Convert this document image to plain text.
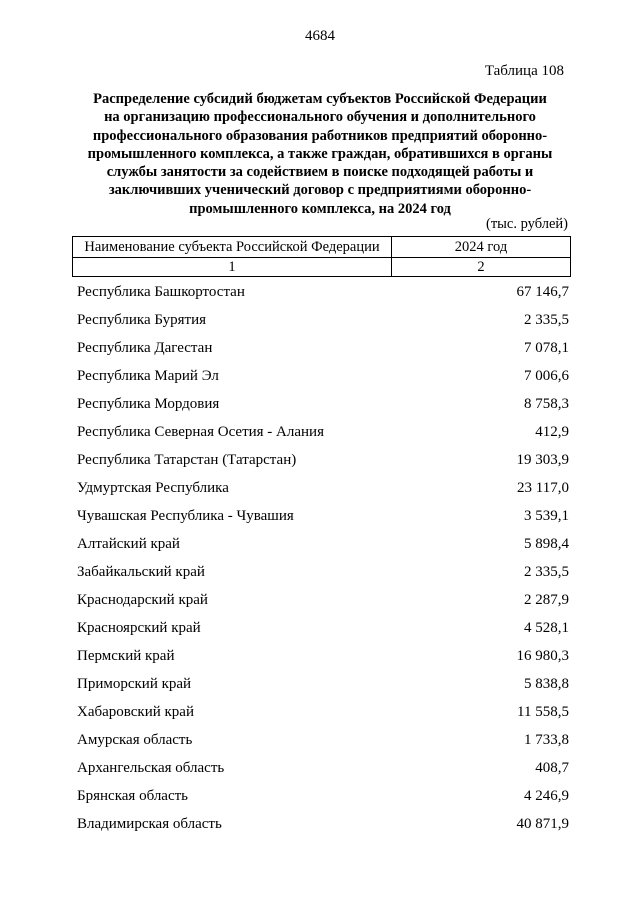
4684
Таблица 108
Распределение субсидий бюджетам субъектов Российской Федерации
на организацию профессионального обучения и дополнительного
профессионального образования работников предприятий оборонно-
промышленного комплекса, а также граждан, обратившихся в органы
службы занятости за содействием в поиске подходящей работы и
заключивших ученический договор с предприятиями оборонно-
промышленного комплекса, на 2024 год
(тыс. рублей)
Наименование субъекта Российской Федерации	2024 год
1	2
Республика Башкортостан	67 146,7
Республика Бурятия	2 335,5
Республика Дагестан	7 078,1
Республика Марий Эл	7 006,6
Республика Мордовия	8 758,3
Республика Северная Осетия - Алания	412,9
Республика Татарстан (Татарстан)	19 303,9
Удмуртская Республика	23 117,0
Чувашская Республика - Чувашия	3 539,1
Алтайский край	5 898,4
Забайкальский край	2 335,5
Краснодарский край	2 287,9
Красноярский край	4 528,1
Пермский край	16 980,3
Приморский край	5 838,8
Хабаровский край	11 558,5
Амурская область	1 733,8
Архангельская область	408,7
Брянская область	4 246,9
Владимирская область	40 871,9
